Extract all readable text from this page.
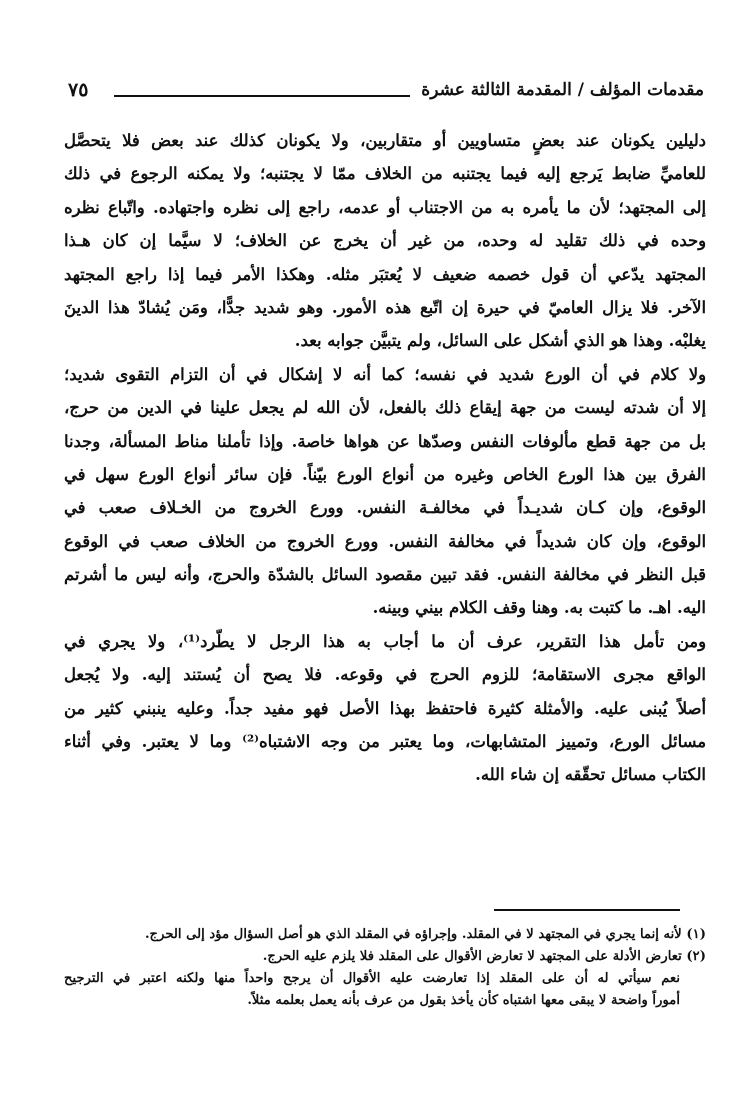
مقدمات المؤلف / المقدمة الثالثة عشرة
٧٥
دليلين يكونان عند بعضٍ متساويين أو متقاربين، ولا يكونان كذلك عند بعض فلا يتحصَّل
للعاميِّ ضابط يَرجع إليه فيما يجتنبه من الخلاف ممّا لا يجتنبه؛ ولا يمكنه الرجوع في ذلك
إلى المجتهد؛ لأن ما يأمره به من الاجتناب أو عدمه، راجع إلى نظره واجتهاده. واتّباع نظره
وحده في ذلك تقليد له وحده، من غير أن يخرج عن الخلاف؛ لا سيَّما إن كان هـذا
المجتهد يدّعي أن قول خصمه ضعيف لا يُعتبَر مثله. وهكذا الأمر فيما إذا راجع المجتهد
الآخر. فلا يزال العاميّ في حيرة إن اتّبع هذه الأمور. وهو شديد جدًّا، ومَن يُشادّ هذا الدينَ
يغلبْه. وهذا هو الذي أشكل على السائل، ولم يتبيَّن جوابه بعد.
ولا كلام في أن الورع شديد في نفسه؛ كما أنه لا إشكال في أن التزام التقوى شديد؛
إلا أن شدته ليست من جهة إيقاع ذلك بالفعل، لأن الله لم يجعل علينا في الدين من حرج،
بل من جهة قطع مألوفات النفس وصدّها عن هواها خاصة. وإذا تأملنا مناط المسألة، وجدنا
الفرق بين هذا الورع الخاص وغيره من أنواع الورع بيّناً. فإن سائر أنواع الورع سهل في
الوقوع، وإن كـان شديـداً في مخالفـة النفس. وورع الخروج من الخـلاف صعب في
الوقوع، وإن كان شديداً في مخالفة النفس. وورع الخروج من الخلاف صعب في الوقوع
قبل النظر في مخالفة النفس. فقد تبين مقصود السائل بالشدّة والحرج، وأنه ليس ما أشرتم
اليه. اهـ. ما كتبت به. وهنا وقف الكلام بيني وبينه.
ومن تأمل هذا التقرير، عرف أن ما أجاب به هذا الرجل لا يطّرد⁽¹⁾، ولا يجري في
الواقع مجرى الاستقامة؛ للزوم الحرج في وقوعه. فلا يصح أن يُستند إليه. ولا يُجعل
أصلاً يُبنى عليه. والأمثلة كثيرة فاحتفظ بهذا الأصل فهو مفيد جداً. وعليه ينبني كثير من
مسائل الورع، وتمييز المتشابهات، وما يعتبر من وجه الاشتباه⁽²⁾ وما لا يعتبر. وفي أثناء
الكتاب مسائل تحقّقه إن شاء الله.
(١) لأنه إنما يجري في المجتهد لا في المقلد. وإجراؤه في المقلد الذي هو أصل السؤال مؤد إلى الحرج.
(٢) تعارض الأدلة على المجتهد لا تعارض الأقوال على المقلد فلا يلزم عليه الحرج.
نعم سيأتي له أن على المقلد إذا تعارضت عليه الأقوال أن يرجح واحداً منها ولكنه اعتبر في الترجيح
أموراً واضحة لا يبقى معها اشتباه كأن يأخذ بقول من عرف بأنه يعمل بعلمه مثلاً.
